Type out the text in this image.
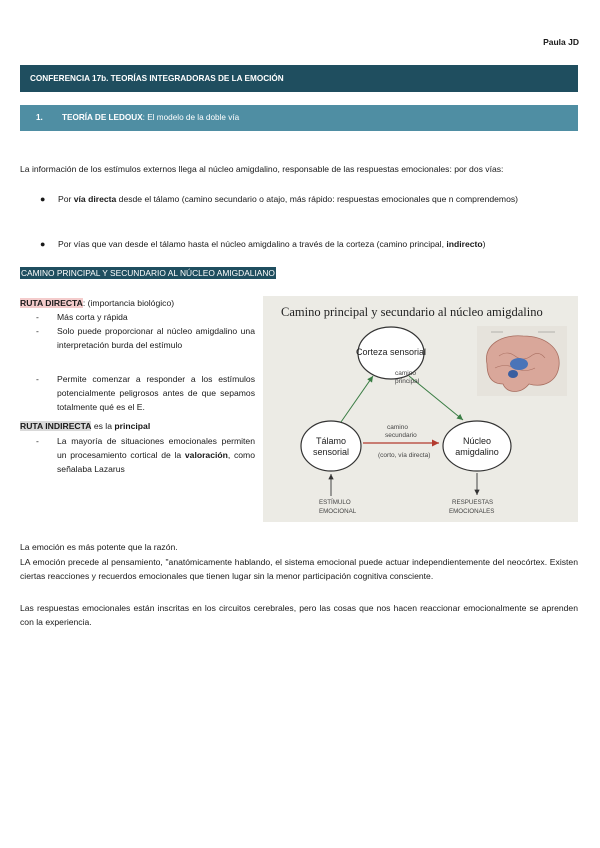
Paula JD
CONFERENCIA 17b. TEORÍAS INTEGRADORAS DE LA EMOCIÓN
1. TEORÍA DE LEDOUX: El modelo de la doble vía
La información de los estímulos externos llega al núcleo amigdalino, responsable de las respuestas emocionales: por dos vías:
● Por vía directa desde el tálamo (camino secundario o atajo, más rápido: respuestas emocionales que n comprendemos)
● Por vías que van desde el tálamo hasta el núcleo amigdalino a través de la corteza (camino principal, indirecto)
CAMINO PRINCIPAL Y SECUNDARIO AL NÚCLEO AMIGDALIANO
RUTA DIRECTA: (importancia biológico)
- Más corta y rápida
- Solo puede proporcionar al núcleo amigdalino una interpretación burda del estímulo
- Permite comenzar a responder a los estímulos potencialmente peligrosos antes de que sepamos totalmente qué es el E.
RUTA INDIRECTA es la principal
- La mayoría de situaciones emocionales permiten un procesamiento cortical de la valoración, como señalaba Lazarus
Camino principal y secundario al núcleo amigdalino
Corteza sensorial
Tálamo
sensorial
Núcleo
amigdalino
camino
principal
camino
secundario
(corto, vía directa)
ESTÍMULO
EMOCIONAL
RESPUESTAS
EMOCIONALES
La emoción es más potente que la razón.
LA emoción precede al pensamiento, "anatómicamente hablando, el sistema emocional puede actuar independientemente del neocórtex. Existen ciertas reacciones y recuerdos emocionales que tienen lugar sin la menor participación cognitiva consciente.
Las respuestas emocionales están inscritas en los circuitos cerebrales, pero las cosas que nos hacen reaccionar emocionalmente se aprenden con la experiencia.
